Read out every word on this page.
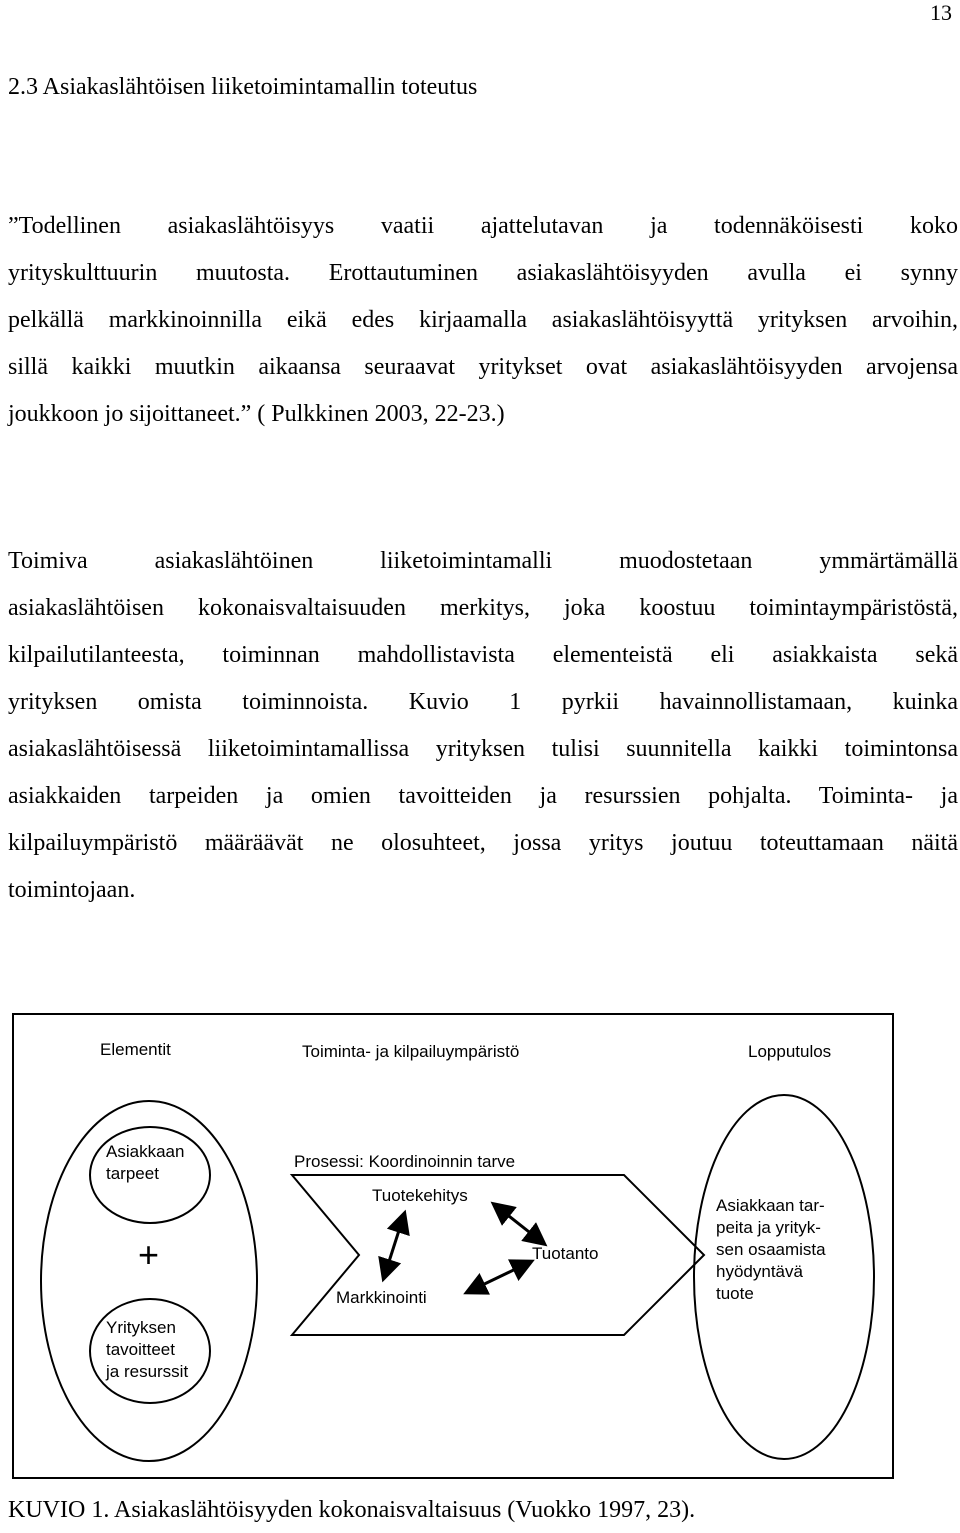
13
2.3 Asiakaslähtöisen liiketoimintamallin toteutus
”Todellinen asiakaslähtöisyys vaatii ajattelutavan ja todennäköisesti koko
yrityskulttuurin muutosta. Erottautuminen asiakaslähtöisyyden avulla ei synny
pelkällä markkinoinnilla eikä edes kirjaamalla asiakaslähtöisyyttä yrityksen arvoihin,
sillä kaikki muutkin aikaansa seuraavat yritykset ovat asiakaslähtöisyyden arvojensa
joukkoon jo sijoittaneet.” ( Pulkkinen 2003, 22-23.)
Toimiva asiakaslähtöinen liiketoimintamalli muodostetaan ymmärtämällä
asiakaslähtöisen kokonaisvaltaisuuden merkitys, joka koostuu toimintaympäristöstä,
kilpailutilanteesta, toiminnan mahdollistavista elementeistä eli asiakkaista sekä
yrityksen omista toiminnoista. Kuvio 1 pyrkii havainnollistamaan, kuinka
asiakaslähtöisessä liiketoimintamallissa yrityksen tulisi suunnitella kaikki toimintonsa
asiakkaiden tarpeiden ja omien tavoitteiden ja resurssien pohjalta. Toiminta- ja
kilpailuympäristö määräävät ne olosuhteet, jossa yritys joutuu toteuttamaan näitä
toimintojaan.
Elementit	Toiminta- ja kilpailuympäristö	Lopputulos
Asiakkaan
tarpeet
+
Yrityksen
tavoitteet
ja resurssit
Prosessi: Koordinoinnin tarve
Tuotekehitys
Tuotanto
Markkinointi
Asiakkaan tar-
peita ja yrityk-
sen osaamista
hyödyntävä
tuote

KUVIO 1. Asiakaslähtöisyyden kokonaisvaltaisuus (Vuokko 1997, 23).
